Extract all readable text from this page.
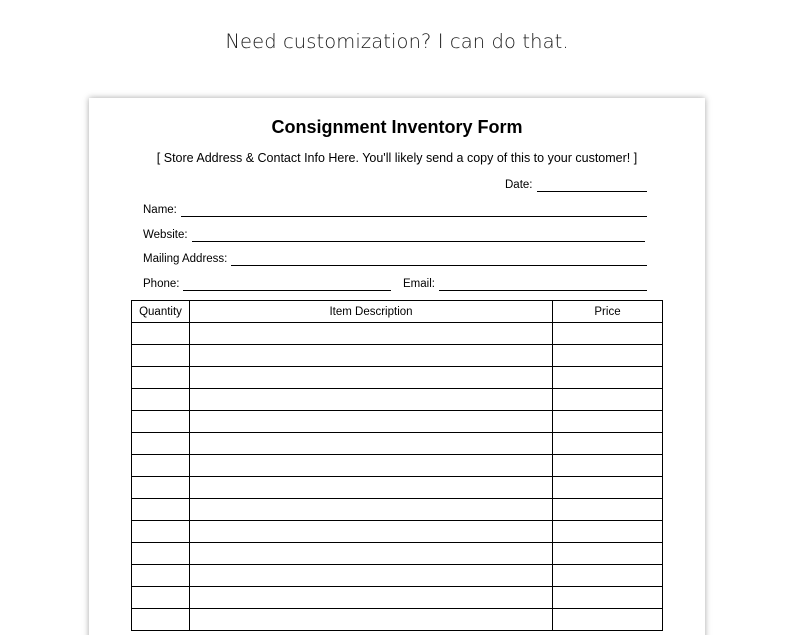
Need customization? I can do that.
Consignment Inventory Form
[ Store Address & Contact Info Here. You'll likely send a copy of this to your customer! ]
Date:
Name:
Website:
Mailing Address:
Phone:	Email:
Quantity	Item Description	Price
